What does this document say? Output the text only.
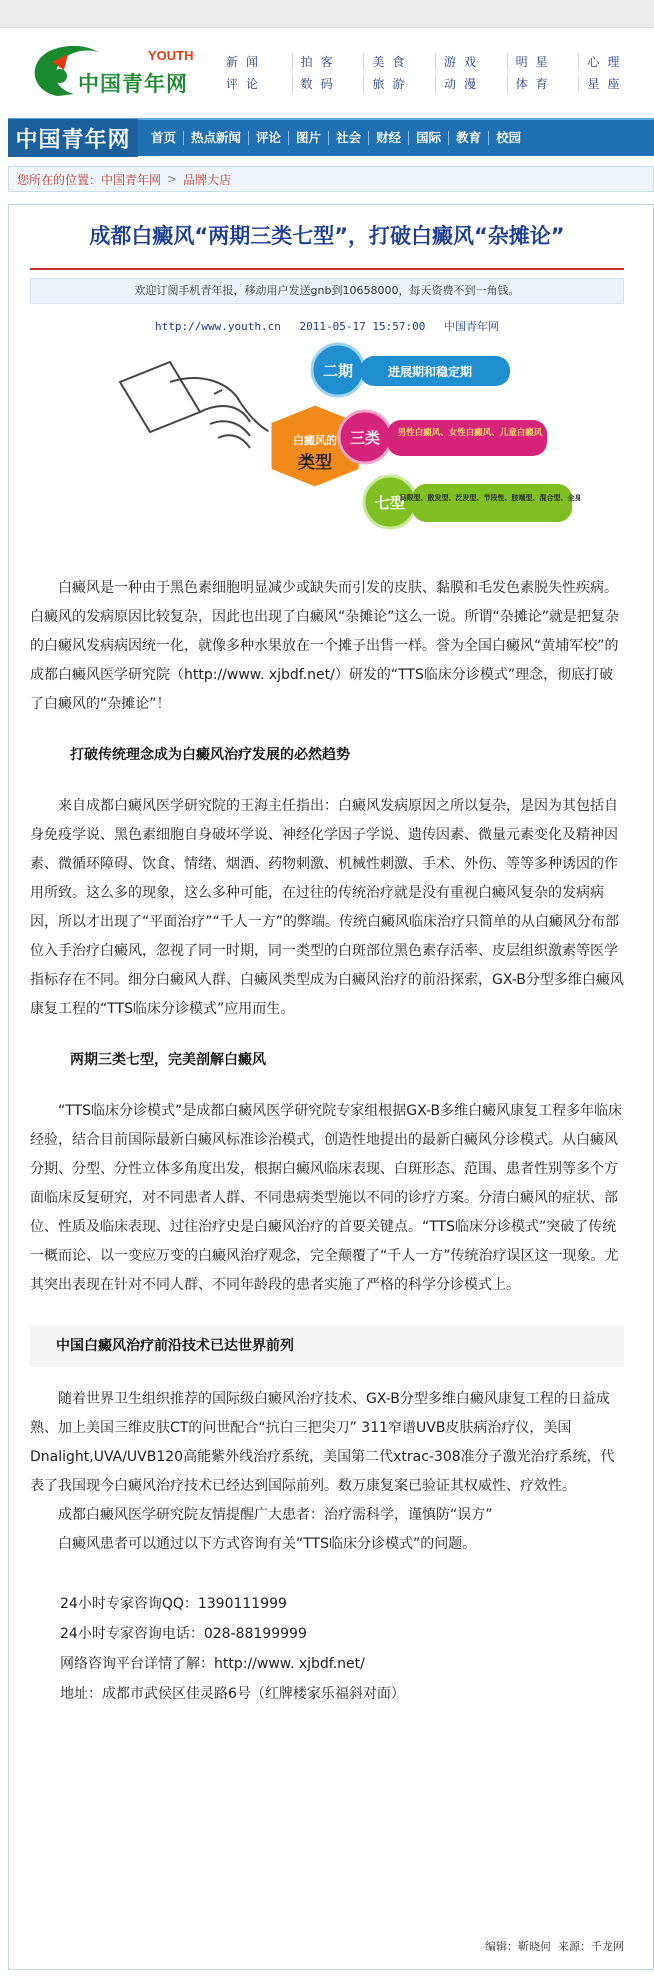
YOUTH
中国青年网
新闻	拍客	美食	游戏	明星	心理
评论	数码	旅游	动漫	体育	星座
中国青年网	首页	热点新闻	评论	图片	社会	财经	国际	教育	校园
您所在的位置： 中国青年网 > 品牌大店
成都白癜风“两期三类七型”，打破白癜风“杂摊论”
欢迎订阅手机青年报，移动用户发送gnb到10658000，每天资费不到一角钱。
http://www.youth.cn 2011-05-17 15:57:00 中国青年网
白癜风的
类型
二期	进展期和稳定期
三类 男性白癜风、女性白癜风、儿童白癜风
七型
局限型、散发型、泛发型、节段性、肢端型、混合型、全身型

白癜风是一种由于黑色素细胞明显减少或缺失而引发的皮肤、黏膜和毛发色素脱失性疾病。白癜风的发病原因比较复杂，因此也出现了白癜风“杂摊论”这么一说。所谓“杂摊论”就是把复杂的白癜风发病病因统一化，就像多种水果放在一个摊子出售一样。誉为全国白癜风“黄埔军校”的成都白癜风医学研究院（http://www. xjbdf.net/）研发的“TTS临床分诊模式”理念，彻底打破了白癜风的“杂摊论”！

打破传统理念成为白癜风治疗发展的必然趋势

来自成都白癜风医学研究院的王海主任指出：白癜风发病原因之所以复杂，是因为其包括自身免疫学说、黑色素细胞自身破坏学说、神经化学因子学说、遗传因素、微量元素变化及精神因素、微循环障碍、饮食、情绪、烟酒、药物刺激、机械性刺激、手术、外伤、等等多种诱因的作用所致。这么多的现象，这么多种可能，在过往的传统治疗就是没有重视白癜风复杂的发病病因，所以才出现了“平面治疗”“千人一方”的弊端。传统白癜风临床治疗只简单的从白癜风分布部位入手治疗白癜风，忽视了同一时期，同一类型的白斑部位黑色素存活率、皮层组织激素等医学指标存在不同。细分白癜风人群、白癜风类型成为白癜风治疗的前沿探索，GX-B分型多维白癜风康复工程的“TTS临床分诊模式”应用而生。

两期三类七型，完美剖解白癜风

“TTS临床分诊模式”是成都白癜风医学研究院专家组根据GX-B多维白癜风康复工程多年临床经验，结合目前国际最新白癜风标准诊治模式，创造性地提出的最新白癜风分诊模式。从白癜风分期、分型、分性立体多角度出发，根据白癜风临床表现、白斑形态、范围、患者性别等多个方面临床反复研究，对不同患者人群、不同患病类型施以不同的诊疗方案。分清白癜风的症状、部位、性质及临床表现、过往治疗史是白癜风治疗的首要关键点。“TTS临床分诊模式”突破了传统一概而论、以一变应万变的白癜风治疗观念，完全颠覆了“千人一方”传统治疗误区这一现象。尤其突出表现在针对不同人群、不同年龄段的患者实施了严格的科学分诊模式上。

中国白癜风治疗前沿技术已达世界前列

随着世界卫生组织推荐的国际级白癜风治疗技术、GX-B分型多维白癜风康复工程的日益成熟、加上美国三维皮肤CT的问世配合“抗白三把尖刀” 311窄谱UVB皮肤病治疗仪，美国Dnalight,UVA/UVB120高能紫外线治疗系统，美国第二代xtrac-308准分子激光治疗系统，代表了我国现今白癜风治疗技术已经达到国际前列。数万康复案已验证其权威性、疗效性。

成都白癜风医学研究院友情提醒广大患者：治疗需科学，谨慎防“误方”

白癜风患者可以通过以下方式咨询有关“TTS临床分诊模式”的问题。

24小时专家咨询QQ：1390111999
24小时专家咨询电话：028-88199999
网络咨询平台详情了解：http://www. xjbdf.net/
地址：成都市武侯区佳灵路6号（红牌楼家乐福斜对面）
编辑：靳晓何 来源：千龙网
